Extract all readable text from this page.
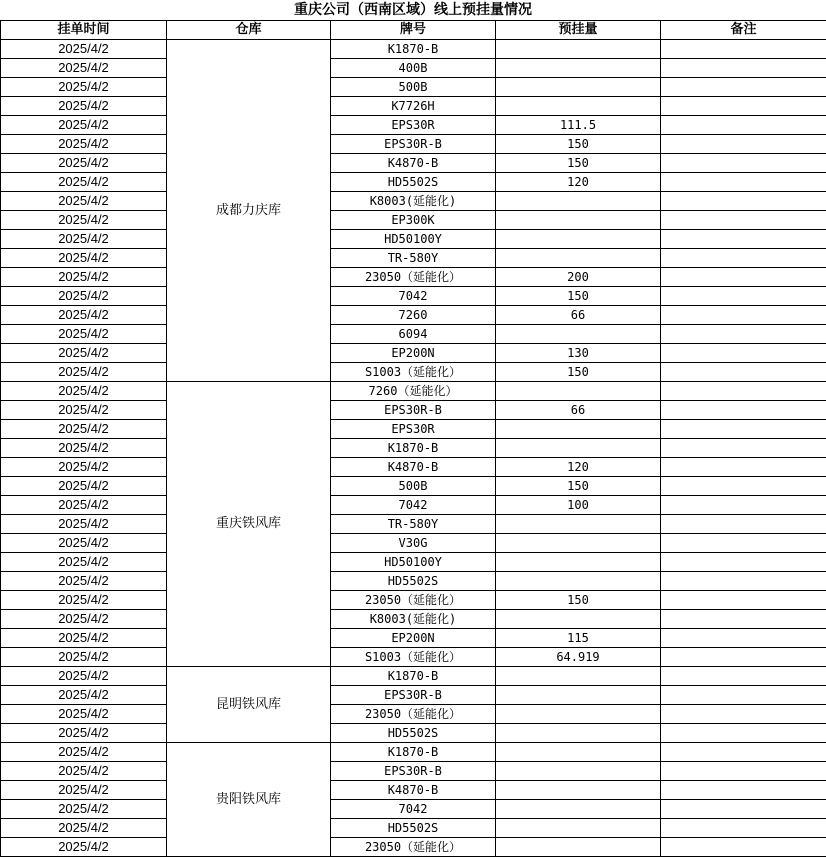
重庆公司（西南区域）线上预挂量情况
挂单时间	仓库	牌号	预挂量	备注
2025/4/2	成都力庆库	K1870-B		
2025/4/2		400B		
2025/4/2		500B		
2025/4/2		K7726H		
2025/4/2		EPS30R	111.5	
2025/4/2		EPS30R-B	150	
2025/4/2		K4870-B	150	
2025/4/2		HD5502S	120	
2025/4/2		K8003(延能化)		
2025/4/2		EP300K		
2025/4/2		HD50100Y		
2025/4/2		TR-580Y		
2025/4/2		23050（延能化）	200	
2025/4/2		7042	150	
2025/4/2		7260	66	
2025/4/2		6094		
2025/4/2		EP200N	130	
2025/4/2		S1003（延能化）	150	
2025/4/2	重庆铁风库	7260（延能化）		
2025/4/2		EPS30R-B	66	
2025/4/2		EPS30R		
2025/4/2		K1870-B		
2025/4/2		K4870-B	120	
2025/4/2		500B	150	
2025/4/2		7042	100	
2025/4/2		TR-580Y		
2025/4/2		V30G		
2025/4/2		HD50100Y		
2025/4/2		HD5502S		
2025/4/2		23050（延能化）	150	
2025/4/2		K8003(延能化)		
2025/4/2		EP200N	115	
2025/4/2		S1003（延能化）	64.919	
2025/4/2	昆明铁风库	K1870-B		
2025/4/2		EPS30R-B		
2025/4/2		23050（延能化）		
2025/4/2		HD5502S		
2025/4/2	贵阳铁风库	K1870-B		
2025/4/2		EPS30R-B		
2025/4/2		K4870-B		
2025/4/2		7042		
2025/4/2		HD5502S		
2025/4/2		23050（延能化）		
